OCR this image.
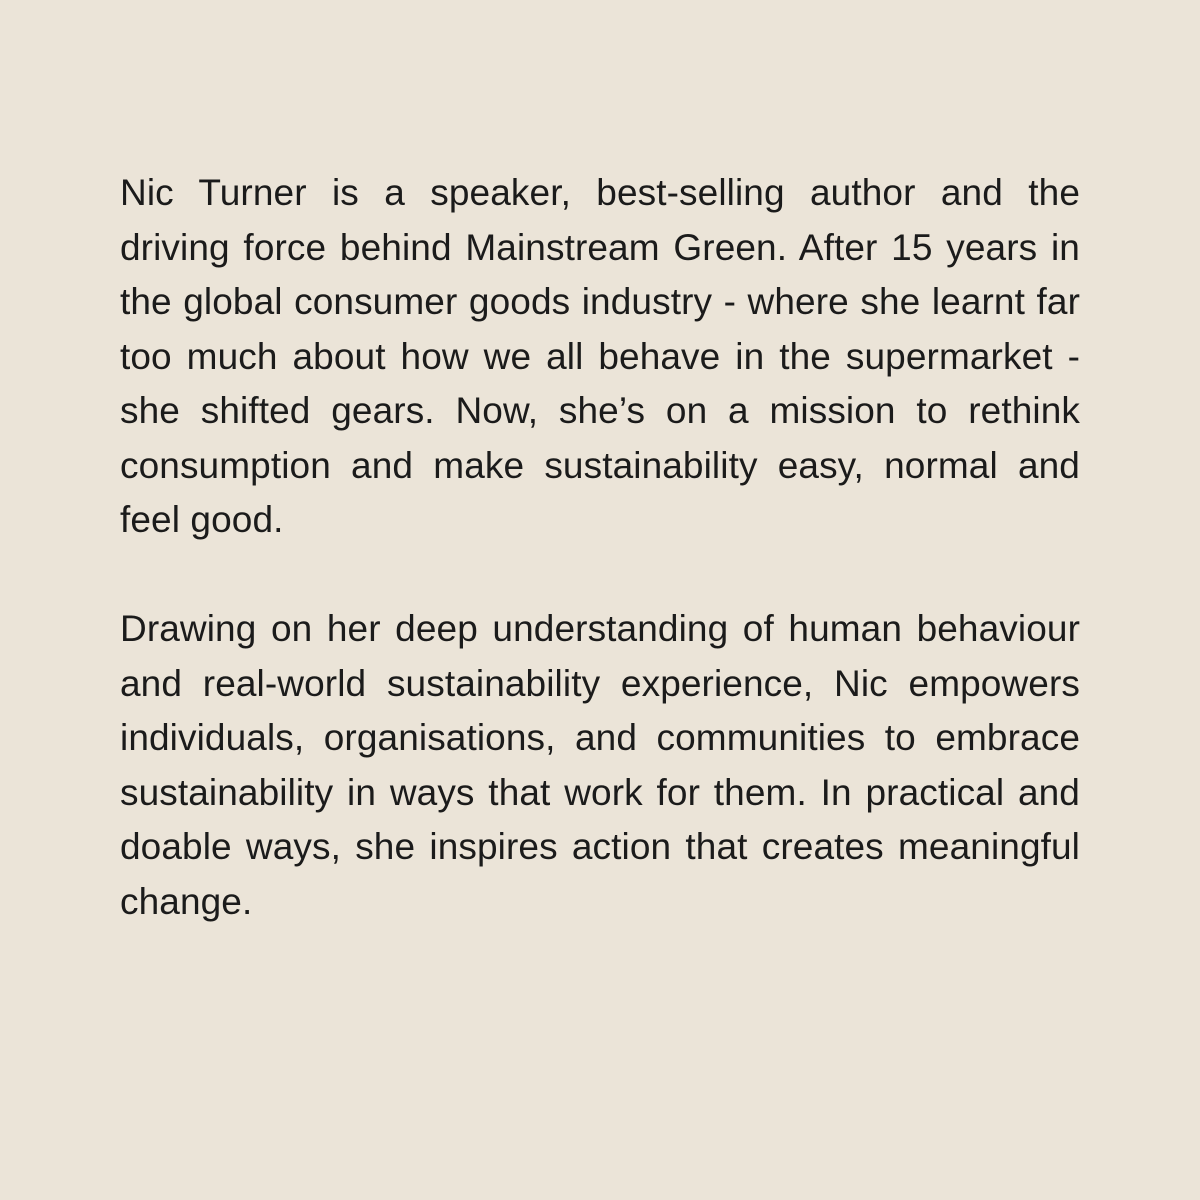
Nic Turner is a speaker, best-selling author and the driving force behind Mainstream Green. After 15 years in the global consumer goods industry - where she learnt far too much about how we all behave in the supermarket - she shifted gears. Now, she’s on a mission to rethink consumption and make sustainability easy, normal and feel good.

Drawing on her deep understanding of human behaviour and real-world sustainability experience, Nic empowers individuals, organisations, and communities to embrace sustainability in ways that work for them. In practical and doable ways, she inspires action that creates meaningful change.
